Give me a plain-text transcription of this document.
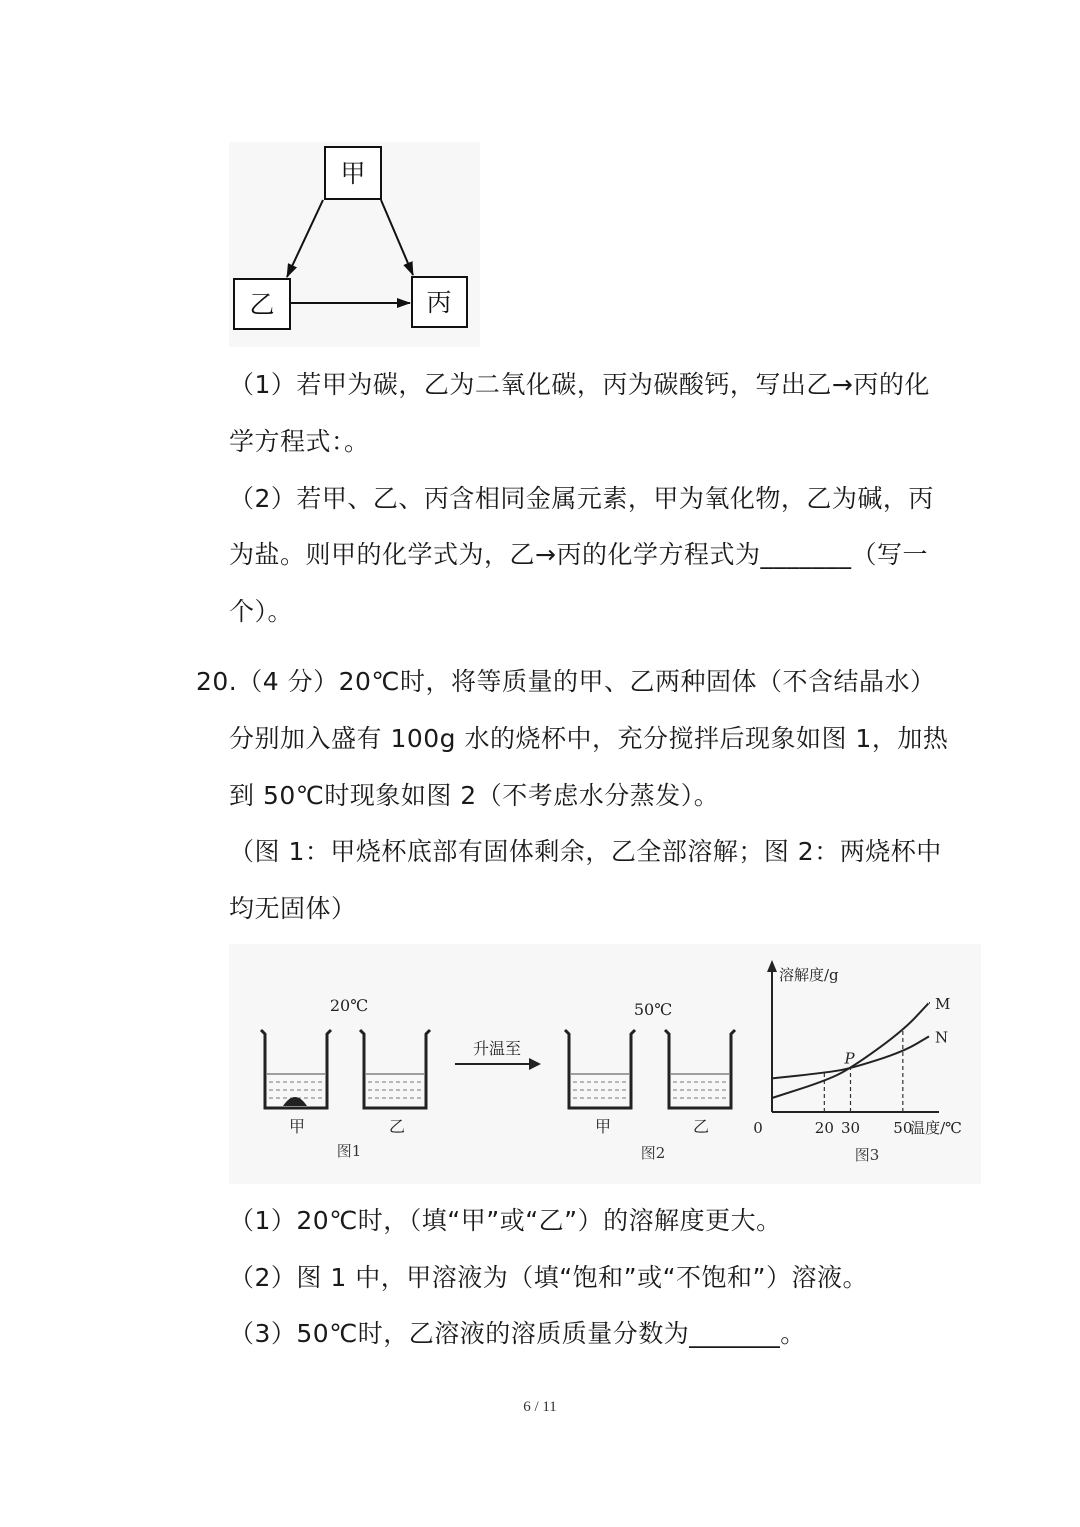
甲
乙	丙
（1）若甲为碳，乙为二氧化碳，丙为碳酸钙，写出乙→丙的化
学方程式：。
（2）若甲、乙、丙含相同金属元素，甲为氧化物，乙为碱，丙
为盐。则甲的化学式为，乙→丙的化学方程式为_______（写一
个）。
20.（4 分）20℃时，将等质量的甲、乙两种固体（不含结晶水）
分别加入盛有 100g 水的烧杯中，充分搅拌后现象如图 1，加热
到 50℃时现象如图 2（不考虑水分蒸发）。
（图 1：甲烧杯底部有固体剩余，乙全部溶解；图 2：两烧杯中
均无固体）
20℃
甲	乙
图1
升温至
50℃
甲	乙
图2
溶解度/g
温度/℃
图3
0	20 30 50
M
N
P
（1）20℃时，（填“甲”或“乙”）的溶解度更大。
（2）图 1 中，甲溶液为（填“饱和”或“不饱和”）溶液。
（3）50℃时，乙溶液的溶质质量分数为_______。
6 / 11
